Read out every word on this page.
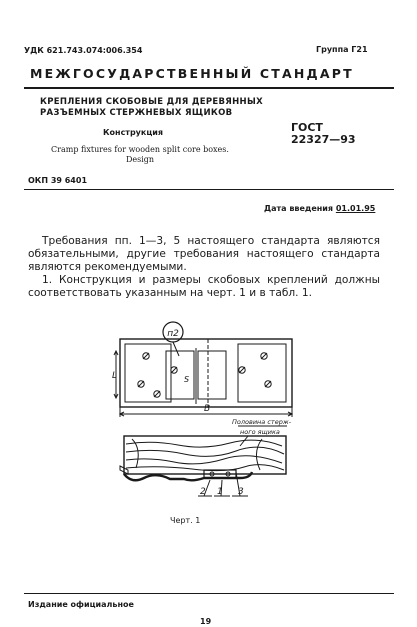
УДК 621.743.074:006.354	Группа Г21
МЕЖГОСУДАРСТВЕННЫЙ СТАНДАРТ
КРЕПЛЕНИЯ СКОБОВЫЕ ДЛЯ ДЕРЕВЯННЫХ
РАЗЪЕМНЫХ СТЕРЖНЕВЫХ ЯЩИКОВ
Конструкция	ГОСТ
22327—93
Cramp fixtures for wooden split core boxes.
Design
ОКП 39 6401
Дата введения 01.01.95

Требования пп. 1—3, 5 настоящего стандарта являются обязательными, другие требования настоящего стандарта являются рекомендуемыми.

1. Конструкция и размеры скобовых креплений должны соответствовать указанным на черт. 1 и в табл. 1.

п2
L	S
B
Половина стерж-
ного ящика
2 1 3
Черт. 1
Издание официальное
19
